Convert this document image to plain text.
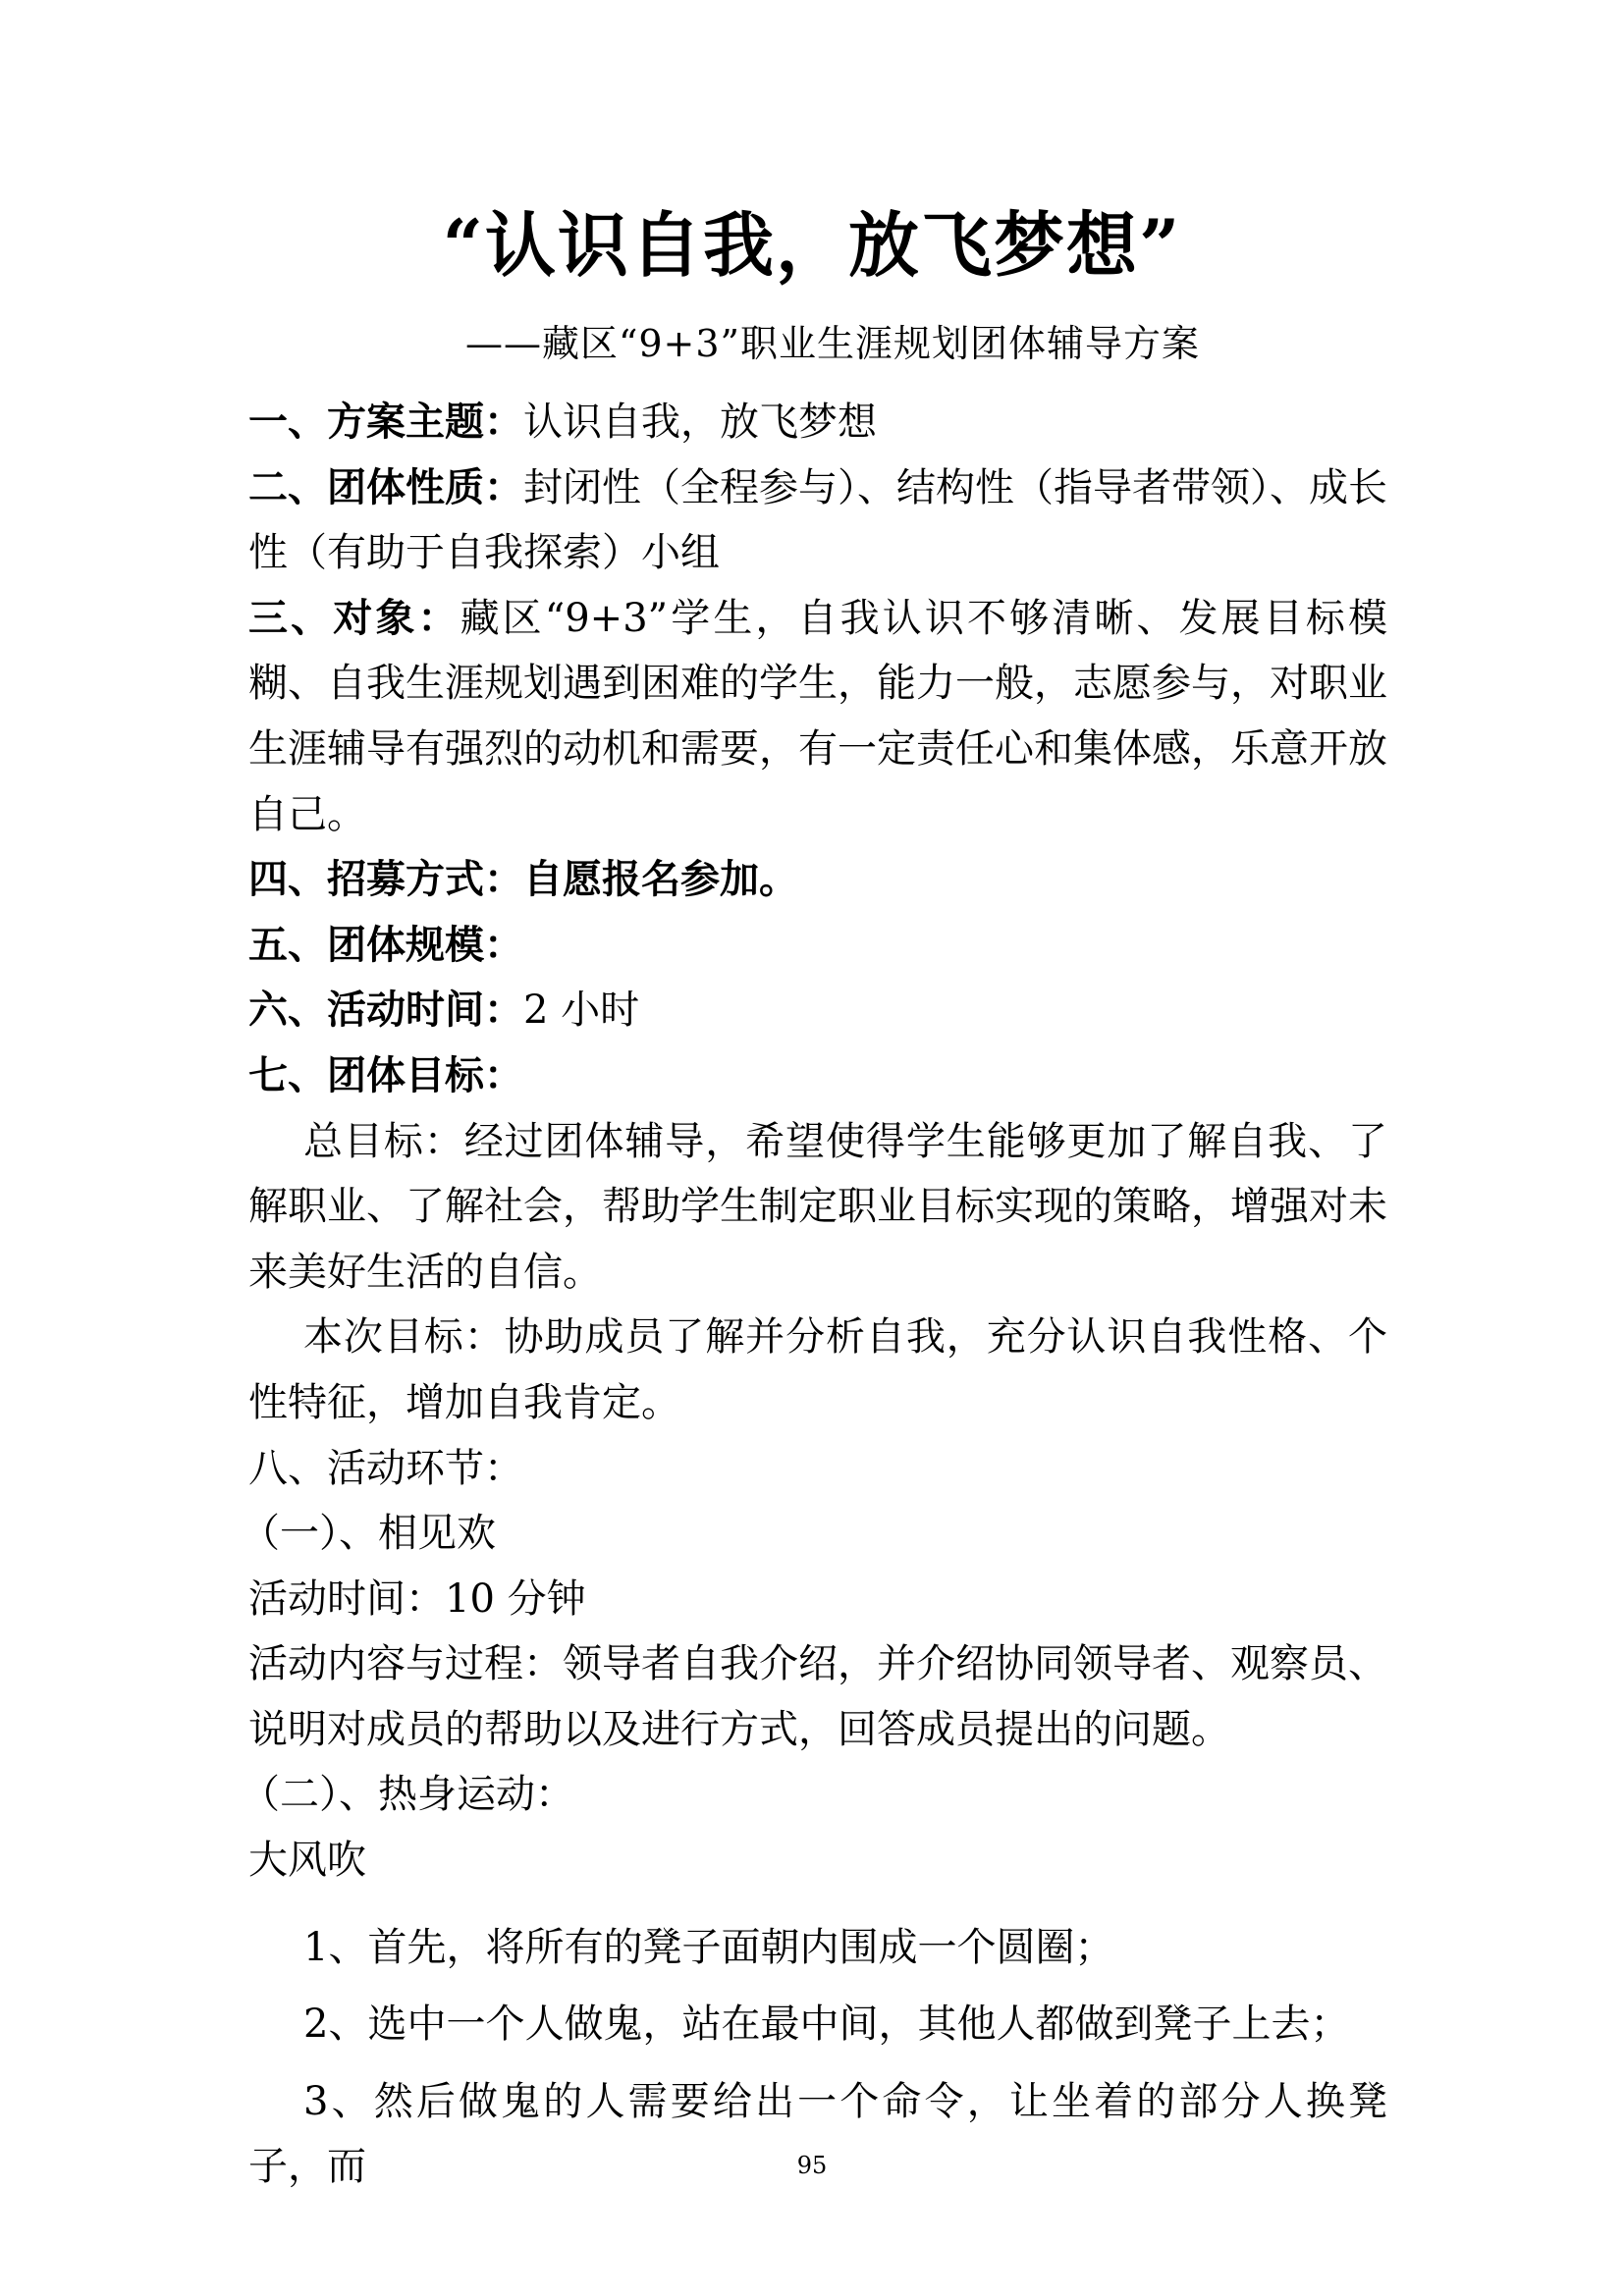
“认识自我，放飞梦想”
——藏区“9+3”职业生涯规划团体辅导方案

一、方案主题：认识自我，放飞梦想

二、团体性质：封闭性（全程参与）、结构性（指导者带领）、成长性（有助于自我探索）小组

三、对象：藏区“9+3”学生，自我认识不够清晰、发展目标模糊、自我生涯规划遇到困难的学生，能力一般，志愿参与，对职业生涯辅导有强烈的动机和需要，有一定责任心和集体感，乐意开放自己。

四、招募方式：自愿报名参加。

五、团体规模：

六、活动时间：2 小时

七、团体目标：

总目标：经过团体辅导，希望使得学生能够更加了解自我、了解职业、了解社会，帮助学生制定职业目标实现的策略，增强对未来美好生活的自信。

本次目标：协助成员了解并分析自我，充分认识自我性格、个性特征，增加自我肯定。

八、活动环节：

（一）、相见欢

活动时间：10 分钟

活动内容与过程：领导者自我介绍，并介绍协同领导者、观察员、说明对成员的帮助以及进行方式，回答成员提出的问题。

（二）、热身运动：

大风吹

1、首先，将所有的凳子面朝内围成一个圆圈；

2、选中一个人做鬼，站在最中间，其他人都做到凳子上去；

3、然后做鬼的人需要给出一个命令，让坐着的部分人换凳子，而	95
